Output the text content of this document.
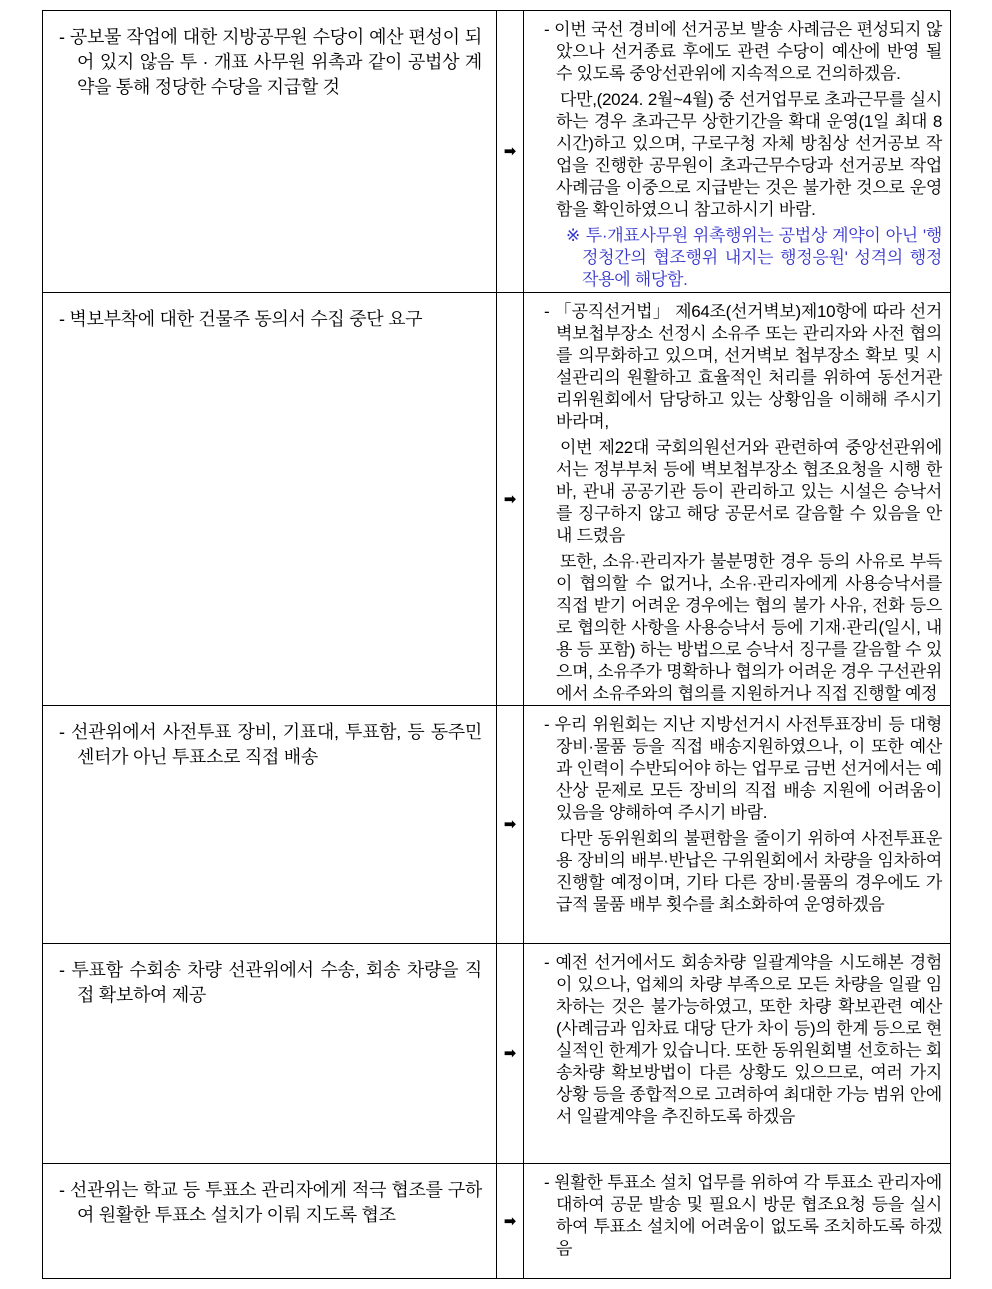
- 공보물 작업에 대한 지방공무원 수당이 예산 편성이 되어 있지 않음 투 · 개표 사무원 위촉과 같이 공법상 계약을 통해 정당한 수당을 지급할 것

➡

- 이번 국선 경비에 선거공보 발송 사례금은 편성되지 않았으나 선거종료 후에도 관련 수당이 예산에 반영 될 수 있도록 중앙선관위에 지속적으로 건의하겠음.

다만,(2024. 2월~4월) 중 선거업무로 초과근무를 실시 하는 경우 초과근무 상한기간을 확대 운영(1일 최대 8시간)하고 있으며, 구로구청 자체 방침상 선거공보 작업을 진행한 공무원이 초과근무수당과 선거공보 작업 사례금을 이중으로 지급받는 것은 불가한 것으로 운영함을 확인하였으니 참고하시기 바람.

※ 투·개표사무원 위촉행위는 공법상 계약이 아닌 '행정청간의 협조행위 내지는 행정응원' 성격의 행정 작용에 해당함.

- 벽보부착에 대한 건물주 동의서 수집 중단 요구

➡

- 「공직선거법」 제64조(선거벽보)제10항에 따라 선거벽보첩부장소 선정시 소유주 또는 관리자와 사전 협의를 의무화하고 있으며, 선거벽보 첩부장소 확보 및 시설관리의 원활하고 효율적인 처리를 위하여 동선거관리위원회에서 담당하고 있는 상황임을 이해해 주시기 바라며,

이번 제22대 국회의원선거와 관련하여 중앙선관위에서는 정부부처 등에 벽보첩부장소 협조요청을 시행 한 바, 관내 공공기관 등이 관리하고 있는 시설은 승낙서를 징구하지 않고 해당 공문서로 갈음할 수 있음을 안내 드렸음

또한, 소유·관리자가 불분명한 경우 등의 사유로 부득이 협의할 수 없거나, 소유·관리자에게 사용승낙서를 직접 받기 어려운 경우에는 협의 불가 사유, 전화 등으로 협의한 사항을 사용승낙서 등에 기재·관리(일시, 내용 등 포함) 하는 방법으로 승낙서 징구를 갈음할 수 있으며, 소유주가 명확하나 협의가 어려운 경우 구선관위에서 소유주와의 협의를 지원하거나 직접 진행할 예정

- 선관위에서 사전투표 장비, 기표대, 투표함, 등 동주민센터가 아닌 투표소로 직접 배송

➡

- 우리 위원회는 지난 지방선거시 사전투표장비 등 대형 장비·물품 등을 직접 배송지원하였으나, 이 또한 예산과 인력이 수반되어야 하는 업무로 금번 선거에서는 예산상 문제로 모든 장비의 직접 배송 지원에 어려움이 있음을 양해하여 주시기 바람.

다만 동위원회의 불편함을 줄이기 위하여 사전투표운용 장비의 배부·반납은 구위원회에서 차량을 임차하여 진행할 예정이며, 기타 다른 장비·물품의 경우에도 가급적 물품 배부 횟수를 최소화하여 운영하겠음

- 투표함 수회송 차량 선관위에서 수송, 회송 차량을 직접 확보하여 제공

➡

- 예전 선거에서도 회송차량 일괄계약을 시도해본 경험이 있으나, 업체의 차량 부족으로 모든 차량을 일괄 임차하는 것은 불가능하였고, 또한 차량 확보관련 예산(사례금과 임차료 대당 단가 차이 등)의 한계 등으로 현실적인 한계가 있습니다. 또한 동위원회별 선호하는 회송차량 확보방법이 다른 상황도 있으므로, 여러 가지 상황 등을 종합적으로 고려하여 최대한 가능 범위 안에서 일괄계약을 추진하도록 하겠음

- 선관위는 학교 등 투표소 관리자에게 적극 협조를 구하여 원활한 투표소 설치가 이뤄 지도록 협조	➡

- 원활한 투표소 설치 업무를 위하여 각 투표소 관리자에 대하여 공문 발송 및 필요시 방문 협조요청 등을 실시하여 투표소 설치에 어려움이 없도록 조치하도록 하겠음
